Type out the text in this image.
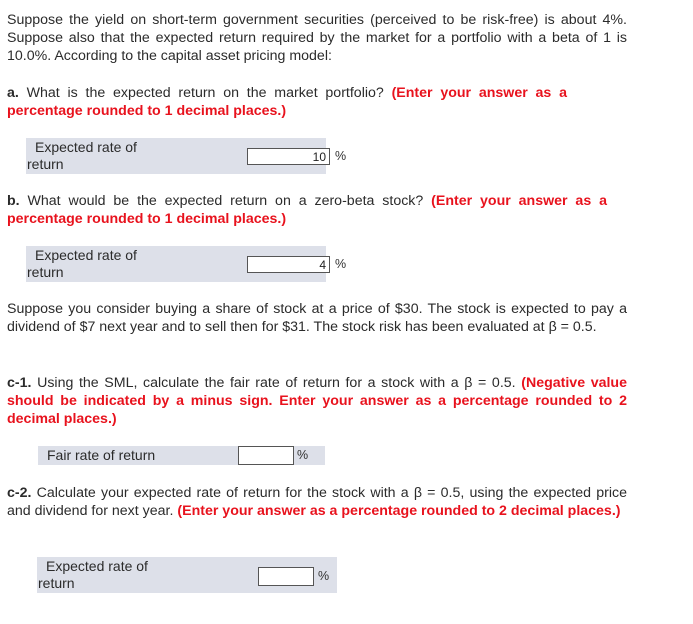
Suppose the yield on short-term government securities (perceived to be risk-free) is about 4%. Suppose also that the expected return required by the market for a portfolio with a beta of 1 is 10.0%. According to the capital asset pricing model:
a. What is the expected return on the market portfolio? (Enter your answer as a percentage rounded to 1 decimal places.)
Expected rate of
return
10	%
b. What would be the expected return on a zero-beta stock? (Enter your answer as a percentage rounded to 1 decimal places.)
Expected rate of
return
4	%
Suppose you consider buying a share of stock at a price of $30. The stock is expected to pay a dividend of $7 next year and to sell then for $31. The stock risk has been evaluated at β = 0.5.
c-1. Using the SML, calculate the fair rate of return for a stock with a β = 0.5. (Negative value should be indicated by a minus sign. Enter your answer as a percentage rounded to 2 decimal places.)
Fair rate of return	%
c-2. Calculate your expected rate of return for the stock with a β = 0.5, using the expected price and dividend for next year. (Enter your answer as a percentage rounded to 2 decimal places.)
Expected rate of
return	%
